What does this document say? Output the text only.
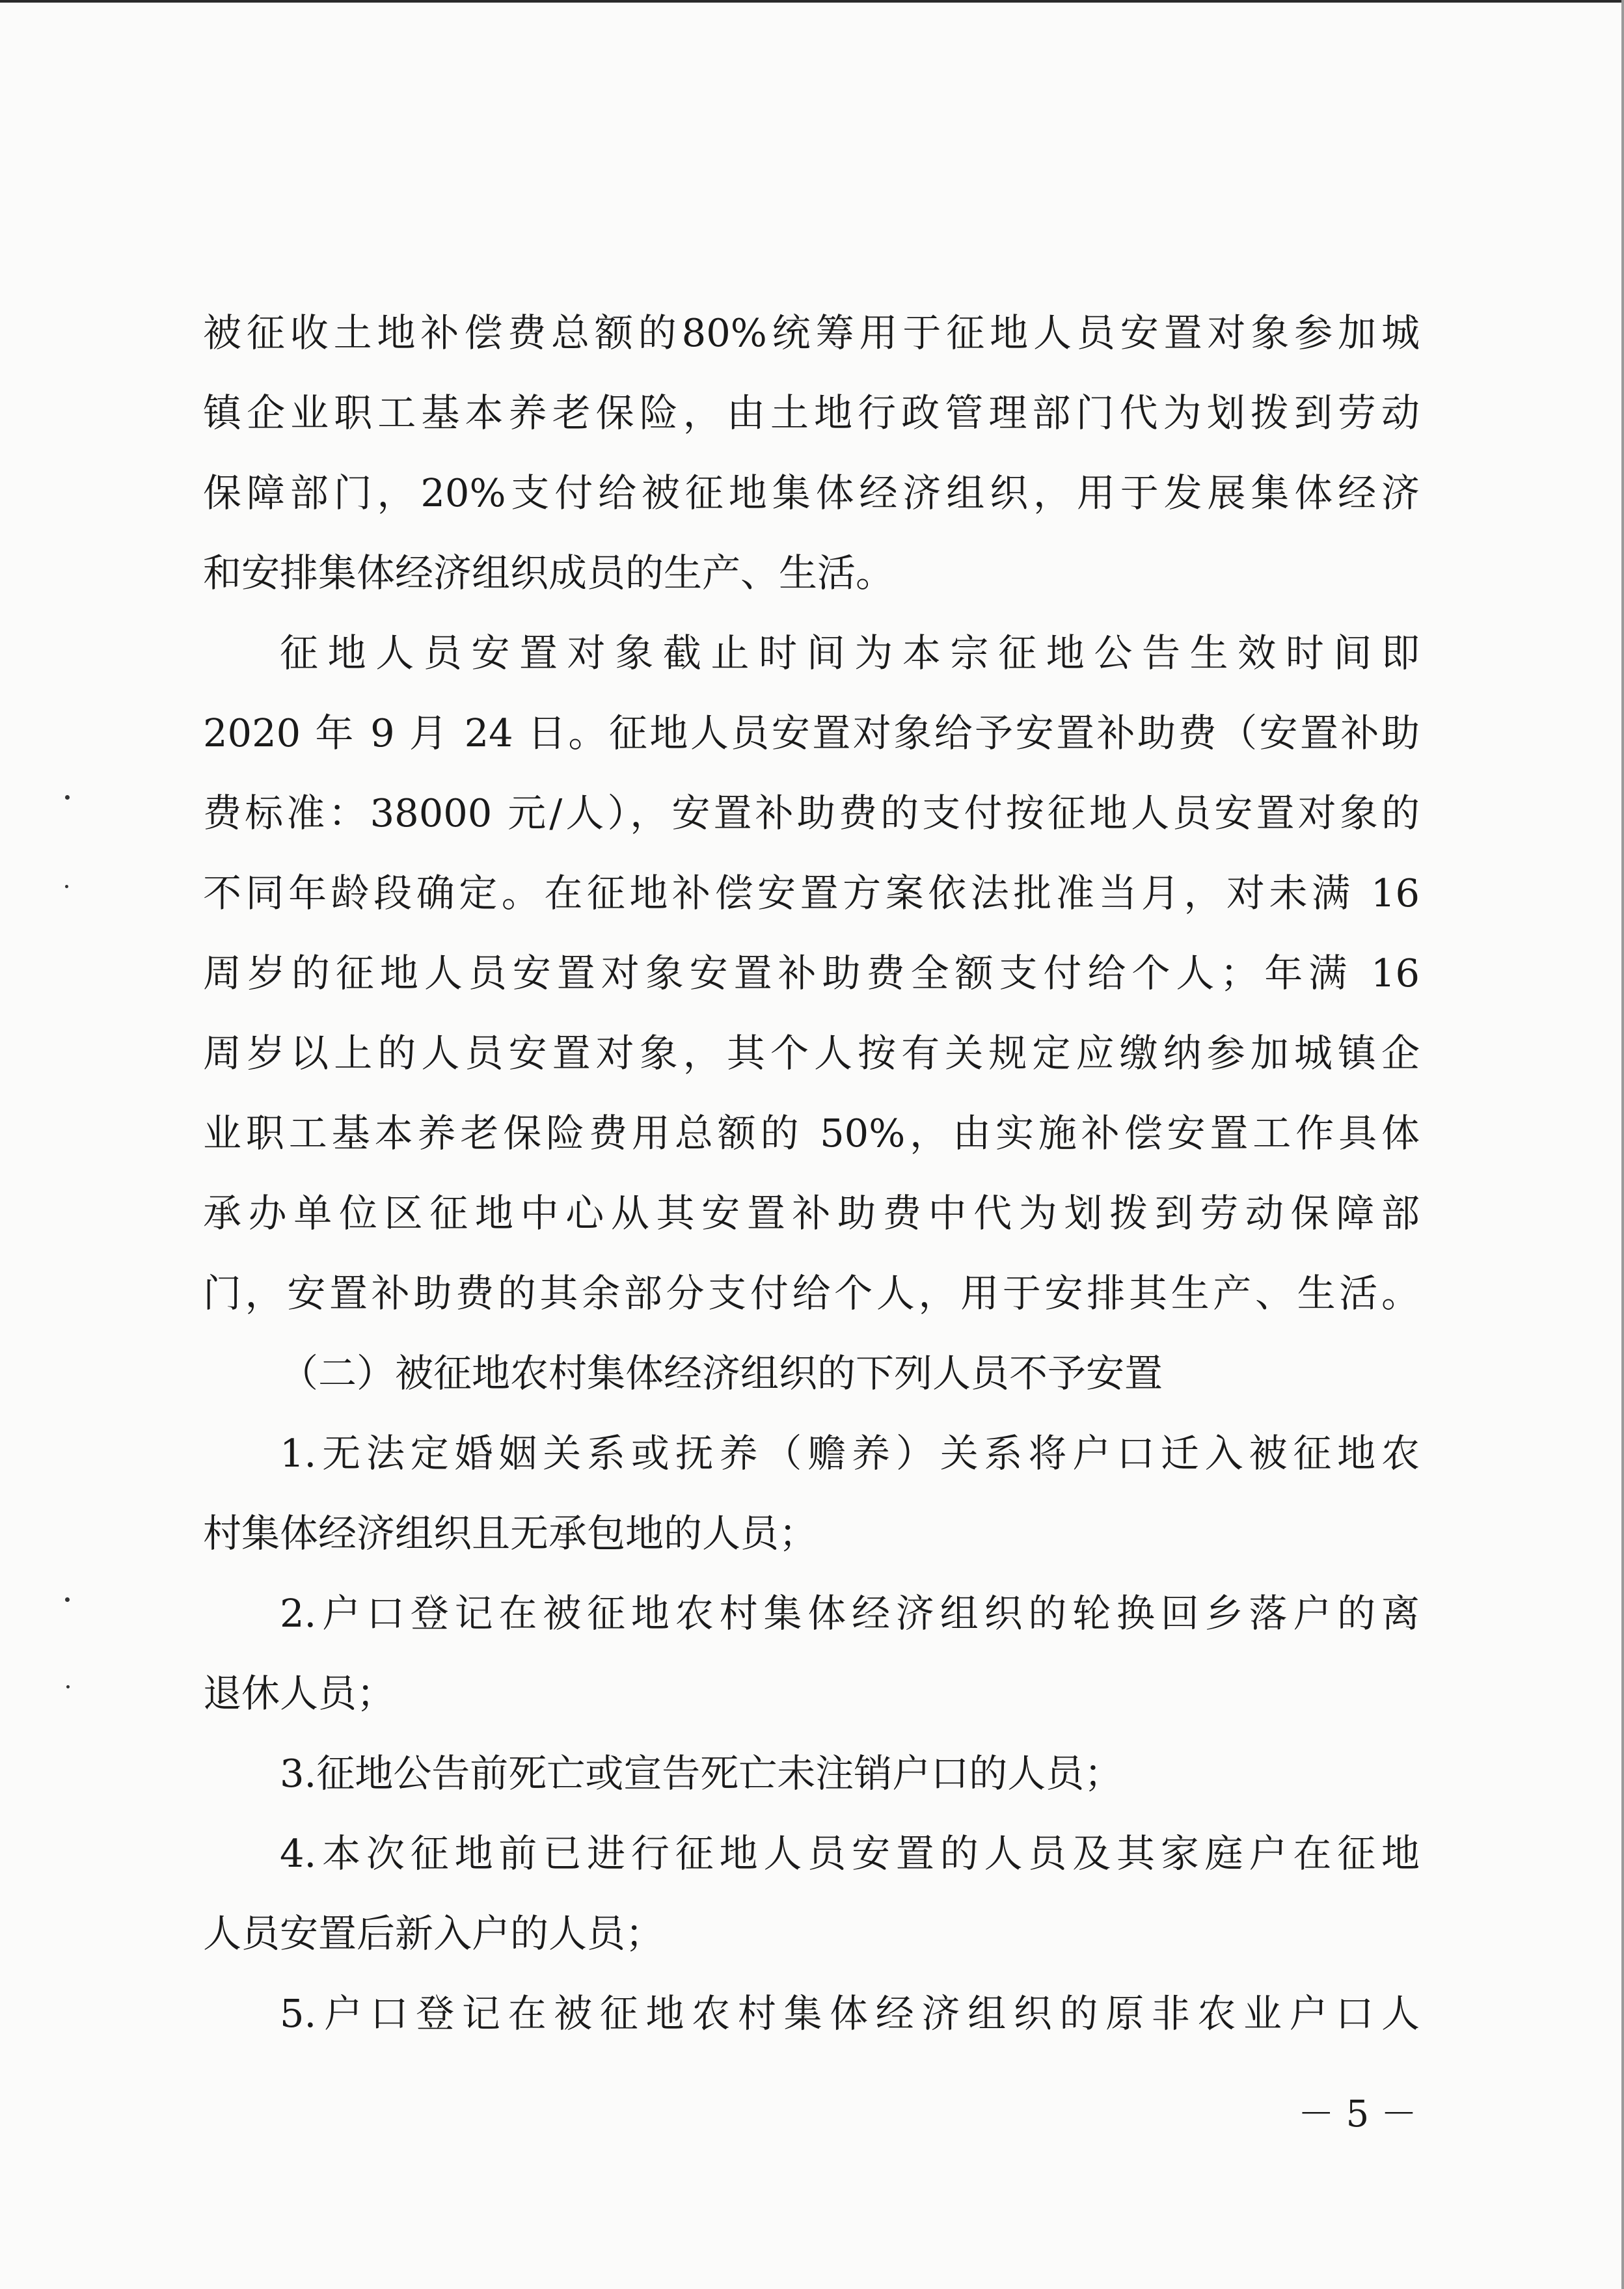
被征收土地补偿费总额的80%统筹用于征地人员安置对象参加城
镇企业职工基本养老保险，由土地行政管理部门代为划拨到劳动
保障部门，20%支付给被征地集体经济组织，用于发展集体经济
和安排集体经济组织成员的生产、生活。
征地人员安置对象截止时间为本宗征地公告生效时间即
2020 年 9 月 24 日。征地人员安置对象给予安置补助费（安置补助
费标准：38000 元/人），安置补助费的支付按征地人员安置对象的
不同年龄段确定。在征地补偿安置方案依法批准当月，对未满 16
周岁的征地人员安置对象安置补助费全额支付给个人；年满 16
周岁以上的人员安置对象，其个人按有关规定应缴纳参加城镇企
业职工基本养老保险费用总额的 50%，由实施补偿安置工作具体
承办单位区征地中心从其安置补助费中代为划拨到劳动保障部
门，安置补助费的其余部分支付给个人，用于安排其生产、生活。
（二）被征地农村集体经济组织的下列人员不予安置
1.无法定婚姻关系或抚养（赡养）关系将户口迁入被征地农
村集体经济组织且无承包地的人员；
2.户口登记在被征地农村集体经济组织的轮换回乡落户的离
退休人员；
3.征地公告前死亡或宣告死亡未注销户口的人员；
4.本次征地前已进行征地人员安置的人员及其家庭户在征地
人员安置后新入户的人员；
5.户口登记在被征地农村集体经济组织的原非农业户口人
－ 5 －
